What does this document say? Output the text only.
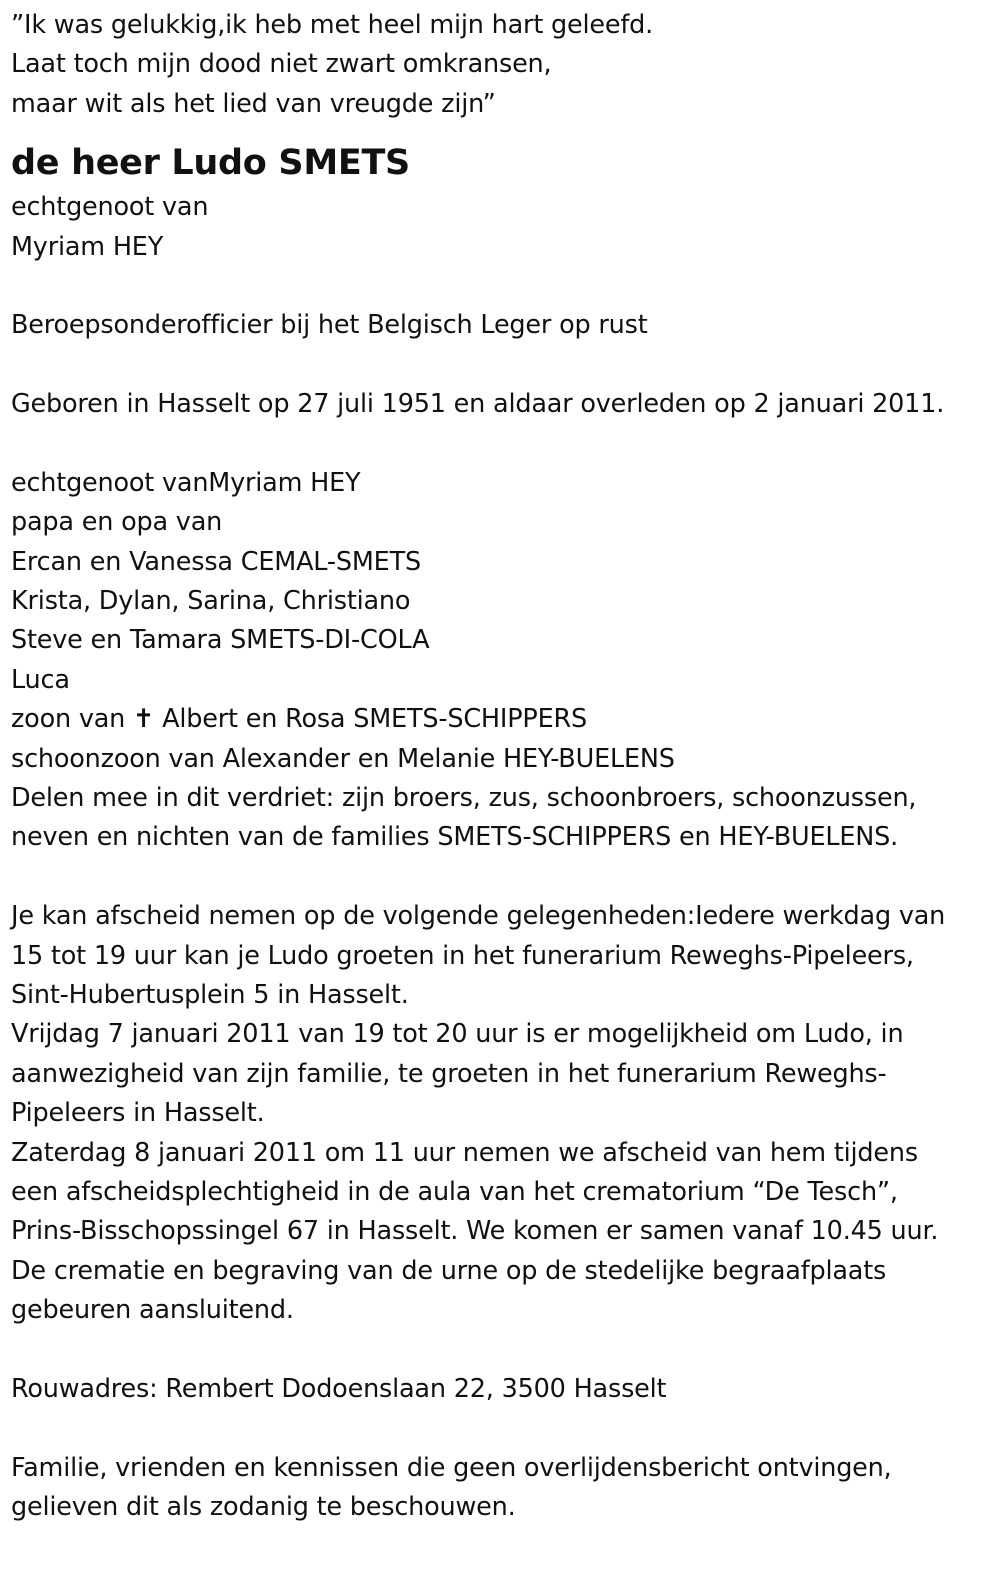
”Ik was gelukkig,ik heb met heel mijn hart geleefd.
Laat toch mijn dood niet zwart omkransen,
maar wit als het lied van vreugde zijn”
de heer Ludo SMETS
echtgenoot van
Myriam HEY
Beroepsonderofficier bij het Belgisch Leger op rust
Geboren in Hasselt op 27 juli 1951 en aldaar overleden op 2 januari 2011.
echtgenoot vanMyriam HEY
papa en opa van
Ercan en Vanessa CEMAL-SMETS
Krista, Dylan, Sarina, Christiano
Steve en Tamara SMETS-DI-COLA
Luca
zoon van ✝ Albert en Rosa SMETS-SCHIPPERS
schoonzoon van Alexander en Melanie HEY-BUELENS
Delen mee in dit verdriet: zijn broers, zus, schoonbroers, schoonzussen,
neven en nichten van de families SMETS-SCHIPPERS en HEY-BUELENS.
Je kan afscheid nemen op de volgende gelegenheden:Iedere werkdag van
15 tot 19 uur kan je Ludo groeten in het funerarium Reweghs-Pipeleers,
Sint-Hubertusplein 5 in Hasselt.
Vrijdag 7 januari 2011 van 19 tot 20 uur is er mogelijkheid om Ludo, in
aanwezigheid van zijn familie, te groeten in het funerarium Reweghs-
Pipeleers in Hasselt.
Zaterdag 8 januari 2011 om 11 uur nemen we afscheid van hem tijdens
een afscheidsplechtigheid in de aula van het crematorium “De Tesch”,
Prins-Bisschopssingel 67 in Hasselt. We komen er samen vanaf 10.45 uur.
De crematie en begraving van de urne op de stedelijke begraafplaats
gebeuren aansluitend.
Rouwadres: Rembert Dodoenslaan 22, 3500 Hasselt
Familie, vrienden en kennissen die geen overlijdensbericht ontvingen,
gelieven dit als zodanig te beschouwen.
